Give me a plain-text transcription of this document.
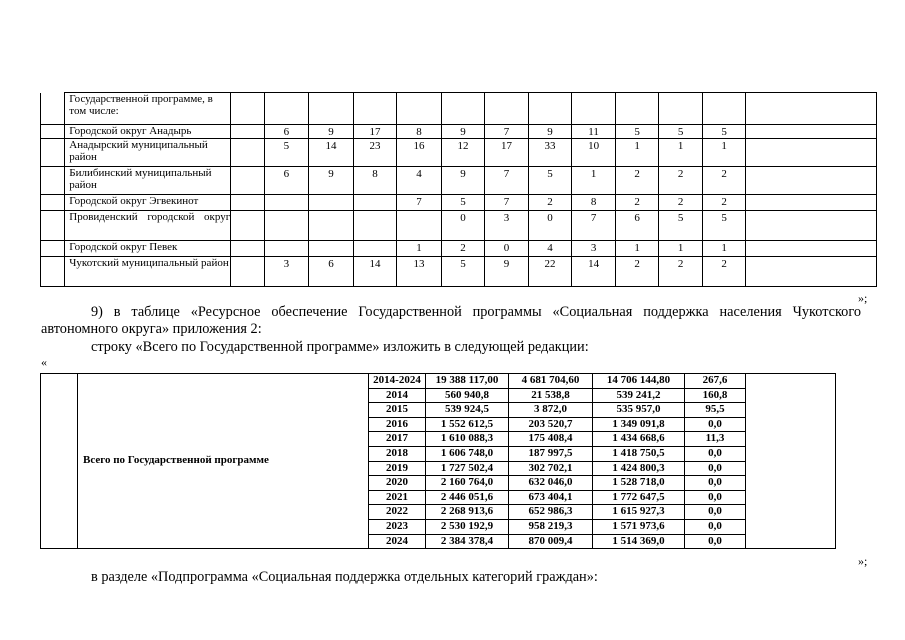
	Государственной программе, в том числе:													
	Городской округ Анадырь		6	9	17	8	9	7	9	11	5	5	5	
	Анадырский муниципальный район		5	14	23	16	12	17	33	10	1	1	1	
	Билибинский муниципальный район		6	9	8	4	9	7	5	1	2	2	2	
	Городской округ Эгвекинот					7	5	7	2	8	2	2	2	
	Провиденский городской округ						0	3	0	7	6	5	5	
	Городской округ Певек					1	2	0	4	3	1	1	1	
	Чукотский муниципальный район		3	6	14	13	5	9	22	14	2	2	2	
»;
9) в таблице «Ресурсное обеспечение Государственной программы «Социальная поддержка населения Чукотского
автономного округа» приложения 2:
строку «Всего по Государственной программе» изложить в следующей редакции:
«
	Всего по Государственной программе	2014-2024	19 388 117,00	4 681 704,60	14 706 144,80	267,6	
		2014	560 940,8	21 538,8	539 241,2	160,8	
		2015	539 924,5	3 872,0	535 957,0	95,5	
		2016	1 552 612,5	203 520,7	1 349 091,8	0,0	
		2017	1 610 088,3	175 408,4	1 434 668,6	11,3	
		2018	1 606 748,0	187 997,5	1 418 750,5	0,0	
		2019	1 727 502,4	302 702,1	1 424 800,3	0,0	
		2020	2 160 764,0	632 046,0	1 528 718,0	0,0	
		2021	2 446 051,6	673 404,1	1 772 647,5	0,0	
		2022	2 268 913,6	652 986,3	1 615 927,3	0,0	
		2023	2 530 192,9	958 219,3	1 571 973,6	0,0	
		2024	2 384 378,4	870 009,4	1 514 369,0	0,0	
»;
в разделе «Подпрограмма «Социальная поддержка отдельных категорий граждан»:
